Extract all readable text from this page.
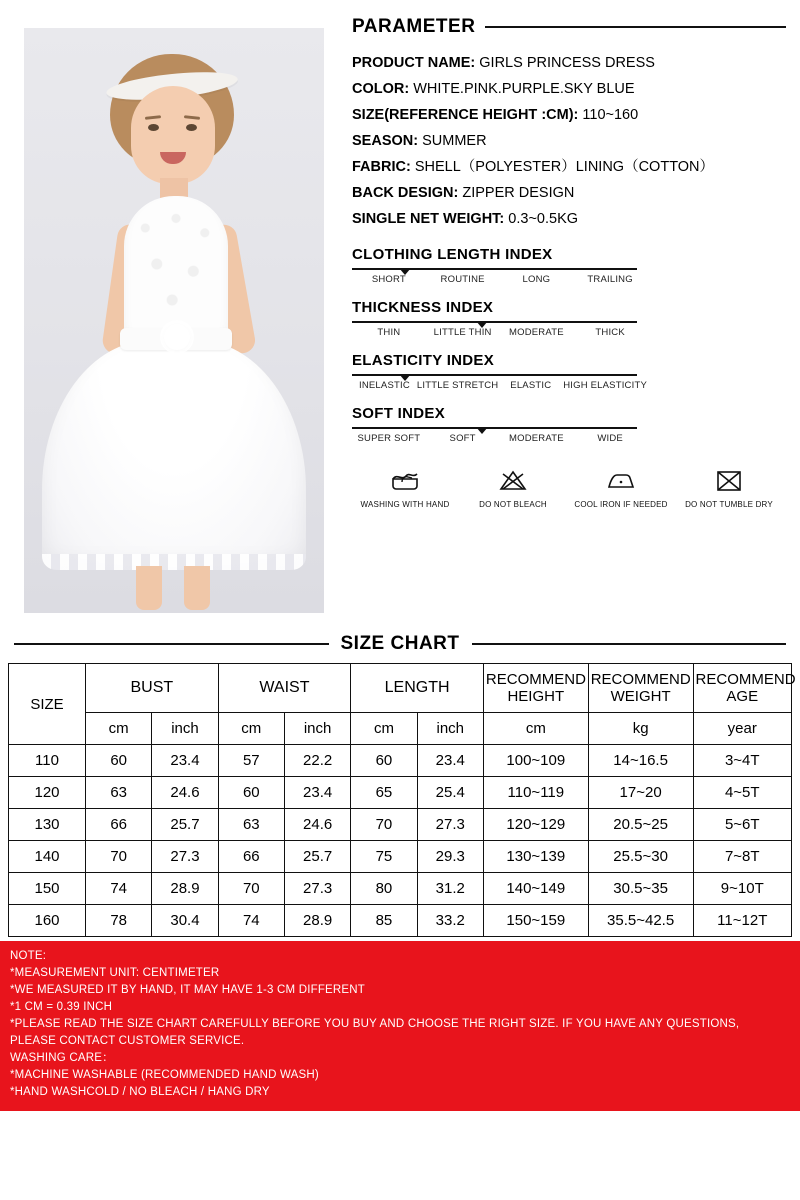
PARAMETER
PRODUCT NAME: GIRLS PRINCESS DRESS
COLOR: WHITE.PINK.PURPLE.SKY BLUE
SIZE(REFERENCE HEIGHT :CM): 110~160
SEASON: SUMMER
FABRIC: SHELL（POLYESTER）LINING（COTTON）
BACK DESIGN: ZIPPER DESIGN
SINGLE NET WEIGHT: 0.3~0.5KG
CLOTHING LENGTH INDEX
SHORT	ROUTINE	LONG	TRAILING
THICKNESS INDEX
THIN	LITTLE THIN	MODERATE	THICK
ELASTICITY INDEX
INELASTIC LITTLE STRETCH	ELASTIC	HIGH ELASTICITY
SOFT INDEX
SUPER SOFT	SOFT	MODERATE	WIDE
WASHING WITH HAND	DO NOT BLEACH	COOL IRON IF NEEDED	DO NOT TUMBLE DRY
SIZE CHART
SIZE	BUST		WAIST		LENGTH		RECOMMEND HEIGHT	RECOMMEND WEIGHT	RECOMMEND AGE
	cm	inch	cm	inch	cm	inch	cm	kg	year
110	60	23.4	57	22.2	60	23.4	100~109	14~16.5	3~4T
120	63	24.6	60	23.4	65	25.4	110~119	17~20	4~5T
130	66	25.7	63	24.6	70	27.3	120~129	20.5~25	5~6T
140	70	27.3	66	25.7	75	29.3	130~139	25.5~30	7~8T
150	74	28.9	70	27.3	80	31.2	140~149	30.5~35	9~10T
160	78	30.4	74	28.9	85	33.2	150~159	35.5~42.5	11~12T
NOTE:
*MEASUREMENT UNIT: CENTIMETER
*WE MEASURED IT BY HAND, IT MAY HAVE 1-3 CM DIFFERENT
*1 CM = 0.39 INCH
*PLEASE READ THE SIZE CHART CAREFULLY BEFORE YOU BUY AND CHOOSE THE RIGHT SIZE. IF YOU HAVE ANY QUESTIONS,
PLEASE CONTACT CUSTOMER SERVICE.
WASHING CARE：
*MACHINE WASHABLE (RECOMMENDED HAND WASH)
*HAND WASHCOLD / NO BLEACH / HANG DRY
